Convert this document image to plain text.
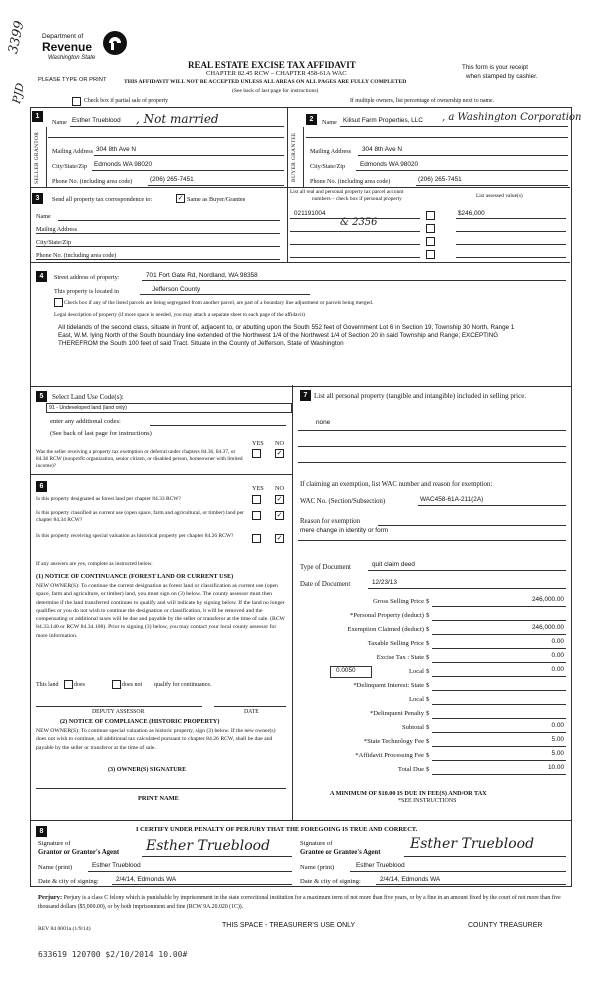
3399
PJD
Department of
Revenue
Washington State
PLEASE TYPE OR PRINT
REAL ESTATE EXCISE TAX AFFIDAVIT
CHAPTER 82.45 RCW – CHAPTER 458-61A WAC
THIS AFFIDAVIT WILL NOT BE ACCEPTED UNLESS ALL AREAS ON ALL PAGES ARE FULLY COMPLETED
(See back of last page for instructions)
This form is your receipt
when stamped by cashier.
Check box if partial sale of property	If multiple owners, list percentage of ownership next to name.
1
SELLER GRANTOR
Name Esther Trueblood , Not married
Mailing Address 304 8th Ave N
City/State/Zip Edmonds WA 98020
Phone No. (including area code)	(206) 265-7451
2
BUYER GRANTEE
Name Kilisut Farm Properties, LLC , a Washington Corporation
Mailing Address 304 8th Ave N
City/State/Zip Edmonds WA 98020
Phone No. (including area code)	(206) 265-7451
3	Send all property tax correspondence to:	✓ Same as Buyer/Grantee
Name
Mailing Address
City/State/Zip
Phone No. (including area code)
List all real and personal property tax parcel account
numbers – check box if personal property	List assessed value(s)
021191004
& 2356
$246,000
4	Street address of property:	701 Fort Gate Rd, Nordland, WA 98358
This property is located in	Jefferson County
Check box if any of the listed parcels are being segregated from another parcel, are part of a boundary line adjustment or parcels being merged.
Legal description of property (if more space is needed, you may attach a separate sheet to each page of the affidavit)
All tidelands of the second class, situate in front of, adjacent to, or abutting upon the South 552 feet of Government Lot 6 in Section 19, Township 30 North, Range 1 East, W.M. lying North of the South boundary line extended of the Northwest 1/4 of the Northwest 1/4 of Section 20 in said Township and Range; EXCEPTING THEREFROM the South 100 feet of said Tract. Situate in the County of Jefferson, State of Washington
5	Select Land Use Code(s):
91 - Undeveloped land (land only)
enter any additional codes:
(See back of last page for instructions)
YES NO
Was the seller receiving a property tax exemption or deferral under chapters 84.36, 84.37, or 84.38 RCW (nonprofit organization, senior citizen, or disabled person, homeowner with limited income)?
✓
6	YES NO
Is this property designated as forest land per chapter 84.33 RCW?	✓
Is this property classified as current use (open space, farm and agricultural, or timber) land per chapter 84.34 RCW?
✓
Is this property receiving special valuation as historical property per chapter 84.26 RCW?	✓
If any answers are yes, complete as instructed below.
(1) NOTICE OF CONTINUANCE (FOREST LAND OR CURRENT USE)
NEW OWNER(S): To continue the current designation as forest land or classification as current use (open space, farm and agriculture, or timber) land, you must sign on (3) below. The county assessor must then determine if the land transferred continues to qualify and will indicate by signing below. If the land no longer qualifies or you do not wish to continue the designation or classification, it will be removed and the compensating or additional taxes will be due and payable by the seller or transferor at the time of sale. (RCW 84.33.140 or RCW 84.34.108). Prior to signing (3) below, you may contact your local county assessor for more information.
This land	does	does not qualify for continuance.
DEPUTY ASSESSOR	DATE
(2) NOTICE OF COMPLIANCE (HISTORIC PROPERTY)
NEW OWNER(S): To continue special valuation as historic property, sign (3) below. If the new owner(s) does not wish to continue, all additional tax calculated pursuant to chapter 84.26 RCW, shall be due and payable by the seller or transferor at the time of sale.
(3) OWNER(S) SIGNATURE
PRINT NAME
7 List all personal property (tangible and intangible) included in selling price.
none
If claiming an exemption, list WAC number and reason for exemption:
WAC No. (Section/Subsection)	WAC458-61A-211(2A)
Reason for exemption
mere change in identity or form
Type of Document	quit claim deed
Date of Document	12/23/13
Gross Selling Price $	246,000.00
*Personal Property (deduct) $
Exemption Claimed (deduct) $	246,000.00
Taxable Selling Price $	0.00
Excise Tax : State $	0.00
0.0050	Local $	0.00
*Delinquent Interest: State $
Local $
*Delinquent Penalty $
Subtotal $	0.00
*State Technology Fee $	5.00
*Affidavit Processing Fee $	5.00
Total Due $	10.00
A MINIMUM OF $10.00 IS DUE IN FEE(S) AND/OR TAX
*SEE INSTRUCTIONS
8	I CERTIFY UNDER PENALTY OF PERJURY THAT THE FOREGOING IS TRUE AND CORRECT.
Signature of
Grantor or Grantor's Agent Esther Trueblood	Signature of
Grantee or Grantee's Agent
Esther Trueblood
Name (print)	Esther Trueblood	Name (print)	Esther Trueblood
Date & city of signing:	2/4/14, Edmonds WA	Date & city of signing:	2/4/14, Edmonds WA
Perjury: Perjury is a class C felony which is punishable by imprisonment in the state correctional institution for a maximum term of not more than five years, or by a fine in an amount fixed by the court of not more than five thousand dollars ($5,000.00), or by both imprisonment and fine (RCW 9A.20.020 (1C)).
REV 84 0001a (1/9/14)	THIS SPACE - TREASURER'S USE ONLY	COUNTY TREASURER
633619 120700 $2/10/2014 10.00#
